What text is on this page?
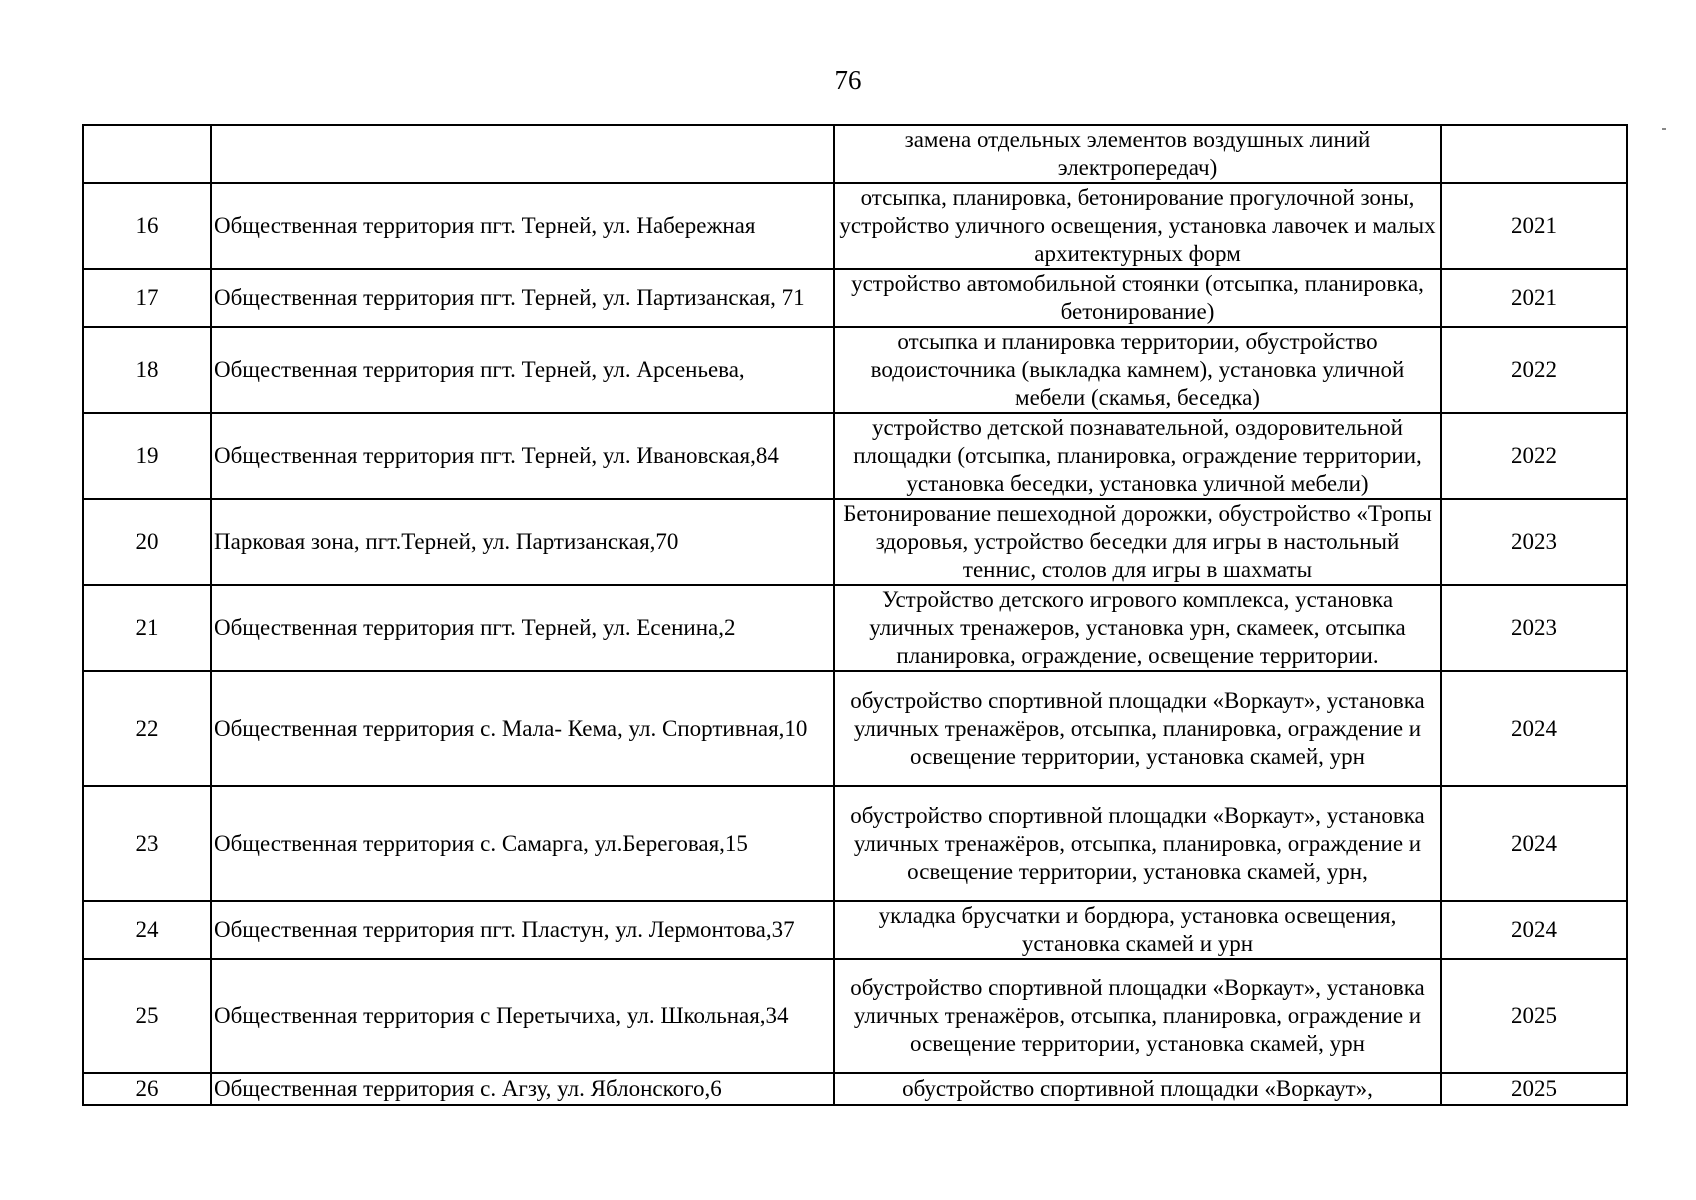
76
		замена отдельных элементов воздушных линий электропередач)	
16	Общественная территория пгт. Терней, ул. Набережная	отсыпка, планировка, бетонирование прогулочной зоны, устройство уличного освещения, установка лавочек и малых архитектурных форм	2021
17	Общественная территория пгт. Терней, ул. Партизанская, 71	устройство автомобильной стоянки (отсыпка, планировка, бетонирование)	2021
18	Общественная территория пгт. Терней, ул. Арсеньева,	отсыпка и планировка территории, обустройство водоисточника (выкладка камнем), установка уличной мебели (скамья, беседка)	2022
19	Общественная территория пгт. Терней, ул. Ивановская,84	устройство детской познавательной, оздоровительной площадки (отсыпка, планировка, ограждение территории, установка беседки, установка уличной мебели)	2022
20	Парковая зона, пгт.Терней, ул. Партизанская,70	Бетонирование пешеходной дорожки, обустройство «Тропы здоровья, устройство беседки для игры в настольный теннис, столов для игры в шахматы	2023
21	Общественная территория пгт. Терней, ул. Есенина,2	Устройство детского игрового комплекса, установка уличных тренажеров, установка урн, скамеек, отсыпка планировка, ограждение, освещение территории.	2023
22	Общественная территория с. Мала- Кема, ул. Спортивная,10	обустройство спортивной площадки «Воркаут», установка уличных тренажёров, отсыпка, планировка, ограждение и освещение территории, установка скамей, урн	2024
23	Общественная территория с. Самарга, ул.Береговая,15	обустройство спортивной площадки «Воркаут», установка уличных тренажёров, отсыпка, планировка, ограждение и освещение территории, установка скамей, урн,	2024
24	Общественная территория пгт. Пластун, ул. Лермонтова,37	укладка брусчатки и бордюра, установка освещения, установка скамей и урн	2024
25	Общественная территория с Перетычиха, ул. Школьная,34	обустройство спортивной площадки «Воркаут», установка уличных тренажёров, отсыпка, планировка, ограждение и освещение территории, установка скамей, урн	2025
26	Общественная территория с. Агзу, ул. Яблонского,6	обустройство спортивной площадки «Воркаут»,	2025
